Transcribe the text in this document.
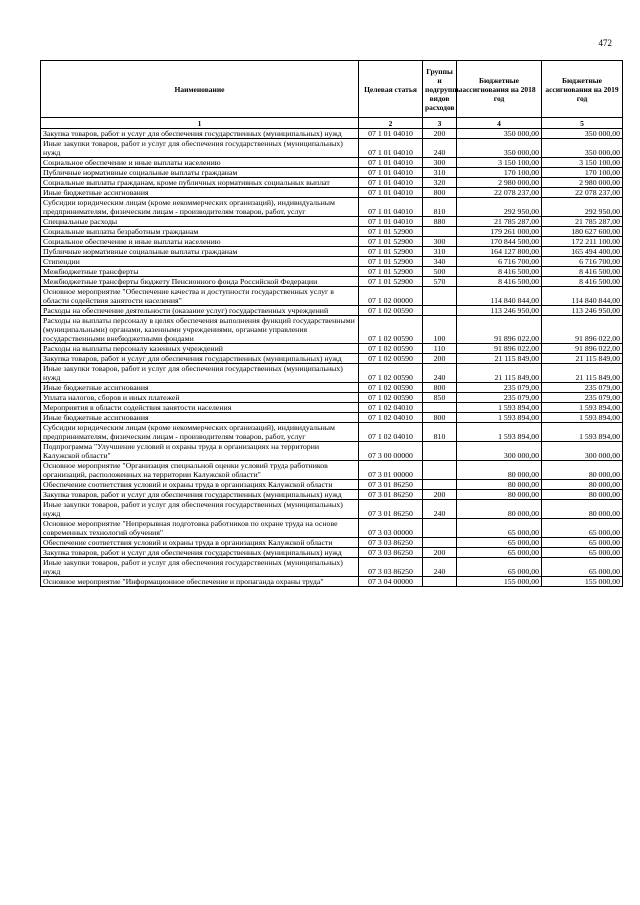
472
Наименование	Целевая статья	Группы и подгруппы видов расходов	Бюджетные ассигнования на 2018 год	Бюджетные ассигнования на 2019 год
1	2	3	4	5
Закупка товаров, работ и услуг для обеспечения государственных (муниципальных) нужд	07 1 01 04010	200	350 000,00	350 000,00
Иные закупки товаров, работ и услуг для обеспечения государственных (муниципальных) нужд	07 1 01 04010	240	350 000,00	350 000,00
Социальное обеспечение и иные выплаты населению	07 1 01 04010	300	3 150 100,00	3 150 100,00
Публичные нормативные социальные выплаты гражданам	07 1 01 04010	310	170 100,00	170 100,00
Социальные выплаты гражданам, кроме публичных нормативных социальных выплат	07 1 01 04010	320	2 980 000,00	2 980 000,00
Иные бюджетные ассигнования	07 1 01 04010	800	22 078 237,00	22 078 237,00
Субсидии юридическим лицам (кроме некоммерческих организаций), индивидуальным предпринимателям, физическим лицам - производителям товаров, работ, услуг	07 1 01 04010	810	292 950,00	292 950,00
Специальные расходы	07 1 01 04010	880	21 785 287,00	21 785 287,00
Социальные выплаты безработным гражданам	07 1 01 52900		179 261 000,00	180 627 600,00
Социальное обеспечение и иные выплаты населению	07 1 01 52900	300	170 844 500,00	172 211 100,00
Публичные нормативные социальные выплаты гражданам	07 1 01 52900	310	164 127 800,00	165 494 400,00
Стипендии	07 1 01 52900	340	6 716 700,00	6 716 700,00
Межбюджетные трансферты	07 1 01 52900	500	8 416 500,00	8 416 500,00
Межбюджетные трансферты бюджету Пенсионного фонда Российской Федерации	07 1 01 52900	570	8 416 500,00	8 416 500,00
Основное мероприятие "Обеспечение качества и доступности государственных услуг в области содействия занятости населения"	07 1 02 00000		114 840 844,00	114 840 844,00
Расходы на обеспечение деятельности (оказание услуг) государственных учреждений	07 1 02 00590		113 246 950,00	113 246 950,00
Расходы на выплаты персоналу в целях обеспечения выполнения функций государственными (муниципальными) органами, казенными учреждениями, органами управления государственными внебюджетными фондами	07 1 02 00590	100	91 896 022,00	91 896 022,00
Расходы на выплаты персоналу казенных учреждений	07 1 02 00590	110	91 896 022,00	91 896 022,00
Закупка товаров, работ и услуг для обеспечения государственных (муниципальных) нужд	07 1 02 00590	200	21 115 849,00	21 115 849,00
Иные закупки товаров, работ и услуг для обеспечения государственных (муниципальных) нужд	07 1 02 00590	240	21 115 849,00	21 115 849,00
Иные бюджетные ассигнования	07 1 02 00590	800	235 079,00	235 079,00
Уплата налогов, сборов и иных платежей	07 1 02 00590	850	235 079,00	235 079,00
Мероприятия в области содействия занятости населения	07 1 02 04010		1 593 894,00	1 593 894,00
Иные бюджетные ассигнования	07 1 02 04010	800	1 593 894,00	1 593 894,00
Субсидии юридическим лицам (кроме некоммерческих организаций), индивидуальным предпринимателям, физическим лицам - производителям товаров, работ, услуг	07 1 02 04010	810	1 593 894,00	1 593 894,00
Подпрограмма "Улучшение условий и охраны труда в организациях на территории Калужской области"	07 3 00 00000		300 000,00	300 000,00
Основное мероприятие "Организация специальной оценки условий труда работников организаций, расположенных на территории Калужской области"	07 3 01 00000		80 000,00	80 000,00
Обеспечение соответствия условий и охраны труда в организациях Калужской области	07 3 01 86250		80 000,00	80 000,00
Закупка товаров, работ и услуг для обеспечения государственных (муниципальных) нужд	07 3 01 86250	200	80 000,00	80 000,00
Иные закупки товаров, работ и услуг для обеспечения государственных (муниципальных) нужд	07 3 01 86250	240	80 000,00	80 000,00
Основное мероприятие "Непрерывная подготовка работников по охране труда на основе современных технологий обучения"	07 3 03 00000		65 000,00	65 000,00
Обеспечение соответствия условий и охраны труда в организациях Калужской области	07 3 03 86250		65 000,00	65 000,00
Закупка товаров, работ и услуг для обеспечения государственных (муниципальных) нужд	07 3 03 86250	200	65 000,00	65 000,00
Иные закупки товаров, работ и услуг для обеспечения государственных (муниципальных) нужд	07 3 03 86250	240	65 000,00	65 000,00
Основное мероприятие "Информационное обеспечение и пропаганда охраны труда"	07 3 04 00000		155 000,00	155 000,00
